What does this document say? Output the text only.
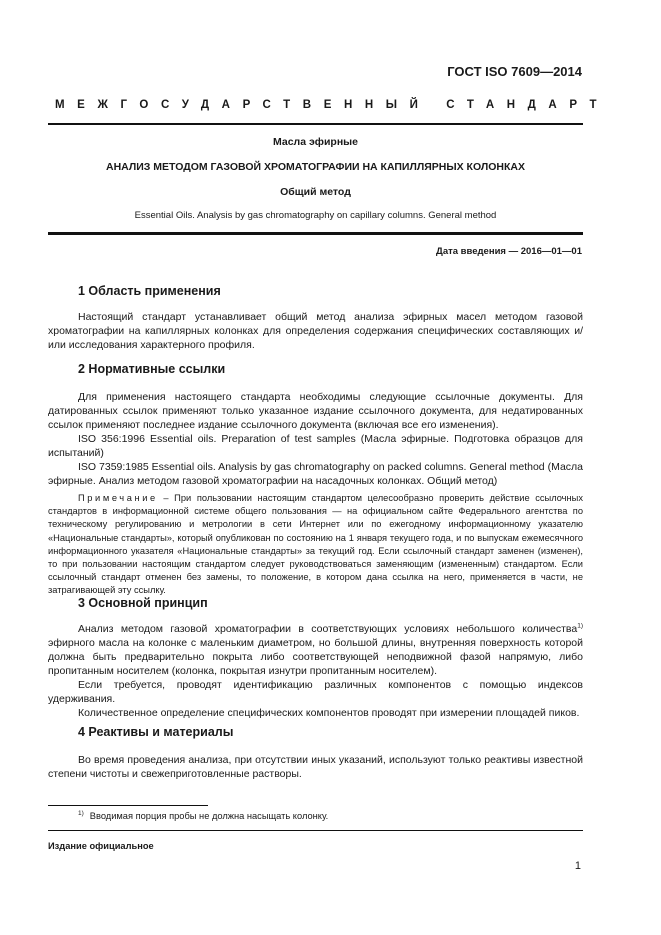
ГОСТ ISO 7609—2014
МЕЖГОСУДАРСТВЕННЫЙ СТАНДАРТ
Масла эфирные
АНАЛИЗ МЕТОДОМ ГАЗОВОЙ ХРОМАТОГРАФИИ НА КАПИЛЛЯРНЫХ КОЛОНКАХ
Общий метод
Essential Oils. Analysis by gas chromatography on capillary columns. General method
Дата введения — 2016—01—01
1 Область применения

Настоящий стандарт устанавливает общий метод анализа эфирных масел методом газовой хроматографии на капиллярных колонках для определения содержания специфических составляющих и/или исследования характерного профиля.

2 Нормативные ссылки

Для применения настоящего стандарта необходимы следующие ссылочные документы. Для датированных ссылок применяют только указанное издание ссылочного документа, для недатированных ссылок применяют последнее издание ссылочного документа (включая все его изменения).

ISO 356:1996 Essential oils. Preparation of test samples (Масла эфирные. Подготовка образцов для испытаний)

ISO 7359:1985 Essential oils. Analysis by gas chromatography on packed columns. General method (Масла эфирные. Анализ методом газовой хроматографии на насадочных колонках. Общий метод)

Примечание – При пользовании настоящим стандартом целесообразно проверить действие ссылочных стандартов в информационной системе общего пользования — на официальном сайте Федерального агентства по техническому регулированию и метрологии в сети Интернет или по ежегодному информационному указателю «Национальные стандарты», который опубликован по состоянию на 1 января текущего года, и по выпускам ежемесячного информационного указателя «Национальные стандарты» за текущий год. Если ссылочный стандарт заменен (изменен), то при пользовании настоящим стандартом следует руководствоваться заменяющим (измененным) стандартом. Если ссылочный стандарт отменен без замены, то положение, в котором дана ссылка на него, применяется в части, не затрагивающей эту ссылку.
3 Основной принцип

Анализ методом газовой хроматографии в соответствующих условиях небольшого количества$^{1)}$ эфирного масла на колонке с маленьким диаметром, но большой длины, внутренняя поверхность которой должна быть предварительно покрыта либо соответствующей неподвижной фазой напрямую, либо пропитанным носителем (колонка, покрытая изнутри пропитанным носителем).

Если требуется, проводят идентификацию различных компонентов с помощью индексов удерживания.

Количественное определение специфических компонентов проводят при измерении площадей пиков.

4 Реактивы и материалы

Во время проведения анализа, при отсутствии иных указаний, используют только реактивы известной степени чистоты и свежеприготовленные растворы.

$^{1)}$ Вводимая порция пробы не должна насыщать колонку.
Издание официальное
1
